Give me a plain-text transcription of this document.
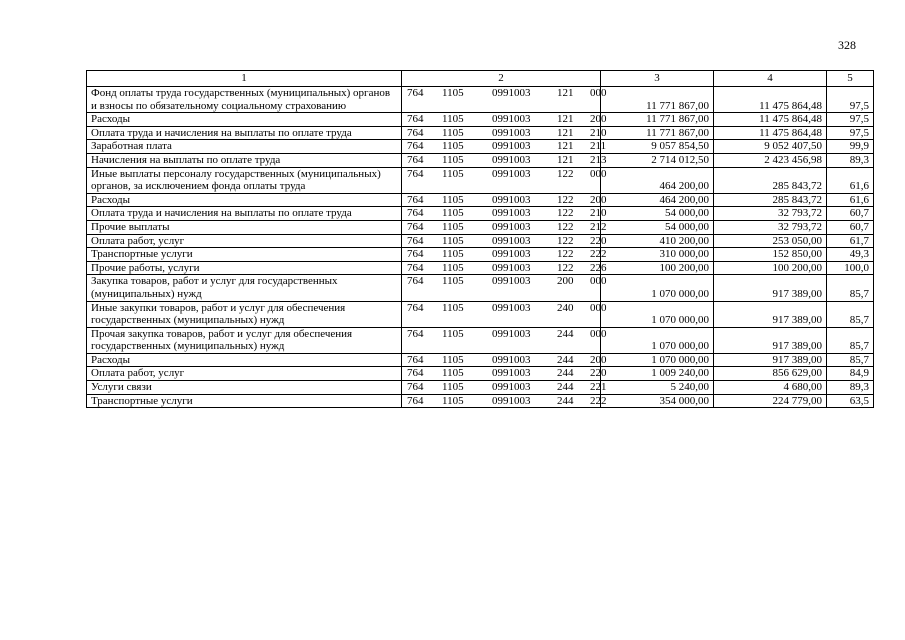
328
1	2	3	4	5
Фонд оплаты труда государственных (муниципальных) органов и взносы по обязательному социальному страхованию	764 1105 0991003 121 000	11 771 867,00	11 475 864,48	97,5
Расходы	764 1105 0991003 121 200	11 771 867,00	11 475 864,48	97,5
Оплата труда и начисления на выплаты по оплате труда	764 1105 0991003 121 210	11 771 867,00	11 475 864,48	97,5
Заработная плата	764 1105 0991003 121 211	9 057 854,50	9 052 407,50	99,9
Начисления на выплаты по оплате труда	764 1105 0991003 121 213	2 714 012,50	2 423 456,98	89,3
Иные выплаты персоналу государственных (муниципальных) органов, за исключением фонда оплаты труда	764 1105 0991003 122 000	464 200,00	285 843,72	61,6
Расходы	764 1105 0991003 122 200	464 200,00	285 843,72	61,6
Оплата труда и начисления на выплаты по оплате труда	764 1105 0991003 122 210	54 000,00	32 793,72	60,7
Прочие выплаты	764 1105 0991003 122 212	54 000,00	32 793,72	60,7
Оплата работ, услуг	764 1105 0991003 122 220	410 200,00	253 050,00	61,7
Транспортные услуги	764 1105 0991003 122 222	310 000,00	152 850,00	49,3
Прочие работы, услуги	764 1105 0991003 122 226	100 200,00	100 200,00	100,0
Закупка товаров, работ и услуг для государственных (муниципальных) нужд	764 1105 0991003 200 000	1 070 000,00	917 389,00	85,7
Иные закупки товаров, работ и услуг для обеспечения государственных (муниципальных) нужд	764 1105 0991003 240 000	1 070 000,00	917 389,00	85,7
Прочая закупка товаров, работ и услуг для обеспечения государственных (муниципальных) нужд	764 1105 0991003 244 000	1 070 000,00	917 389,00	85,7
Расходы	764 1105 0991003 244 200	1 070 000,00	917 389,00	85,7
Оплата работ, услуг	764 1105 0991003 244 220	1 009 240,00	856 629,00	84,9
Услуги связи	764 1105 0991003 244 221	5 240,00	4 680,00	89,3
Транспортные услуги	764 1105 0991003 244 222	354 000,00	224 779,00	63,5
